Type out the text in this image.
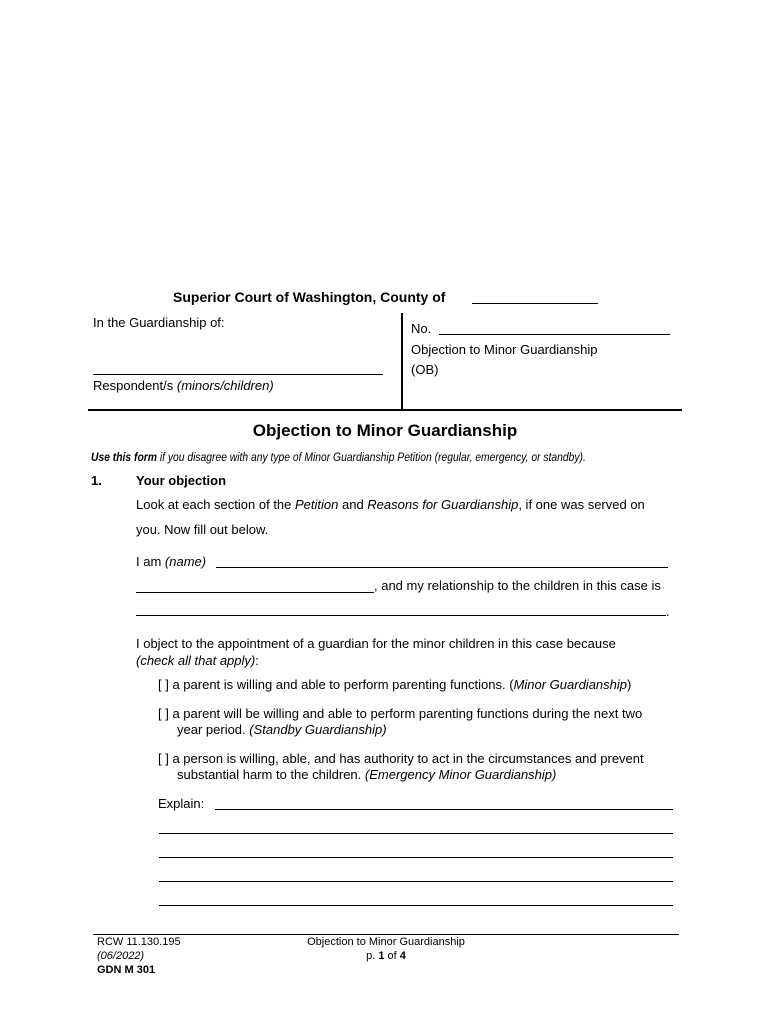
Superior Court of Washington, County of
In the Guardianship of:
Respondent/s (minors/children)
No.
Objection to Minor Guardianship
(OB)
Objection to Minor Guardianship
Use this form if you disagree with any type of Minor Guardianship Petition (regular, emergency, or standby).
1.	Your objection
Look at each section of the Petition and Reasons for Guardianship, if one was served on
you. Now fill out below.
I am (name)
, and my relationship to the children in this case is
.
I object to the appointment of a guardian for the minor children in this case because
(check all that apply):
[ ] a parent is willing and able to perform parenting functions. (Minor Guardianship)
[ ] a parent will be willing and able to perform parenting functions during the next two
year period. (Standby Guardianship)
[ ] a person is willing, able, and has authority to act in the circumstances and prevent
substantial harm to the children. (Emergency Minor Guardianship)
Explain:
RCW 11.130.195
(06/2022)
GDN M 301
Objection to Minor Guardianship
p. 1 of 4
